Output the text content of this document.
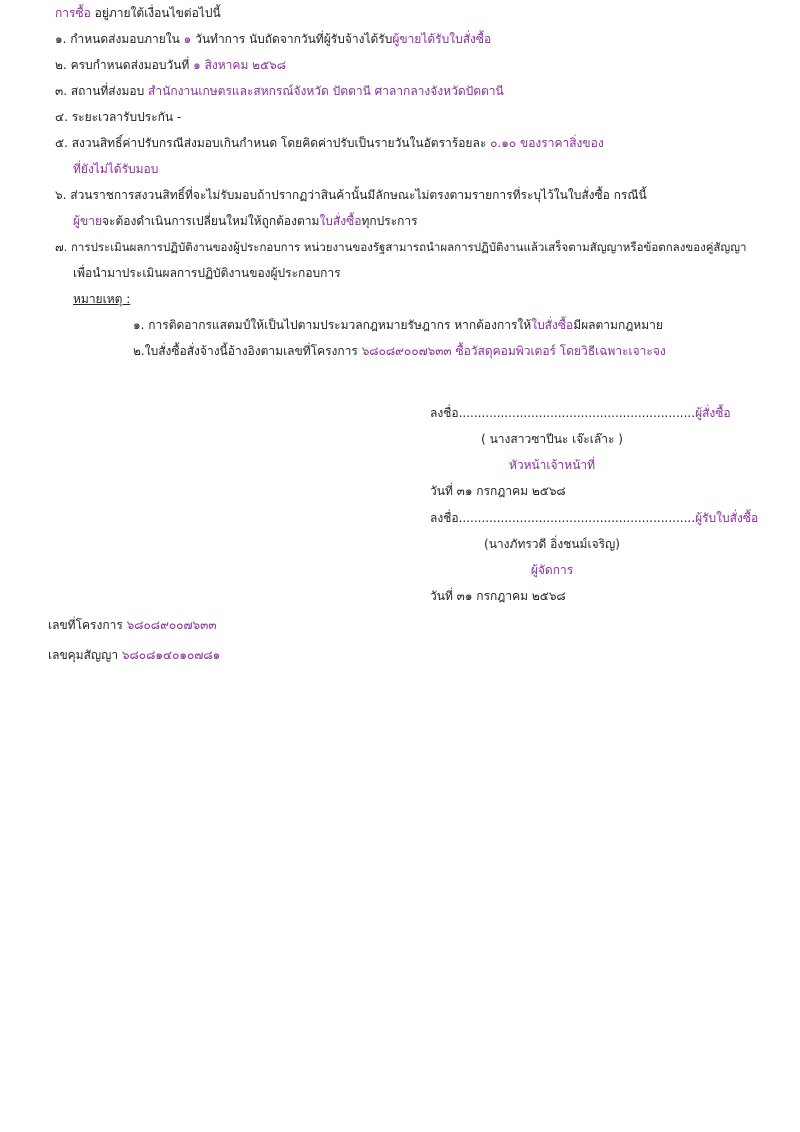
การซื้อ อยู่ภายใต้เงื่อนไขต่อไปนี้
๑. กำหนดส่งมอบภายใน ๑ วันทำการ นับถัดจากวันที่ผู้รับจ้างได้รับผู้ขายได้รับใบสั่งซื้อ
๒. ครบกำหนดส่งมอบวันที่ ๑ สิงหาคม ๒๕๖๘
๓. สถานที่ส่งมอบ สำนักงานเกษตรและสหกรณ์จังหวัด ปัตตานี ศาลากลางจังหวัดปัตตานี
๔. ระยะเวลารับประกัน -
๕. สงวนสิทธิ์ค่าปรับกรณีส่งมอบเกินกำหนด โดยคิดค่าปรับเป็นรายวันในอัตราร้อยละ ๐.๑๐ ของราคาสิ่งของ
ที่ยังไม่ได้รับมอบ
๖. ส่วนราชการสงวนสิทธิ์ที่จะไม่รับมอบถ้าปรากฏว่าสินค้านั้นมีลักษณะไม่ตรงตามรายการที่ระบุไว้ในใบสั่งซื้อ กรณีนี้
ผู้ขายจะต้องดำเนินการเปลี่ยนใหม่ให้ถูกต้องตามใบสั่งซื้อทุกประการ
๗. การประเมินผลการปฏิบัติงานของผู้ประกอบการ หน่วยงานของรัฐสามารถนำผลการปฏิบัติงานแล้วเสร็จตามสัญญาหรือข้อตกลงของคู่สัญญา
เพื่อนำมาประเมินผลการปฏิบัติงานของผู้ประกอบการ
หมายเหตุ :
๑. การติดอากรแสตมป์ให้เป็นไปตามประมวลกฎหมายรัษฎากร หากต้องการให้ใบสั่งซื้อมีผลตามกฎหมาย
๒.ใบสั่งซื้อสั่งจ้างนี้อ้างอิงตามเลขที่โครงการ ๖๘๐๘๙๐๐๗๖๓๓ ซื้อวัสดุคอมพิวเตอร์ โดยวิธีเฉพาะเจาะจง
ลงชื่อ..............................................................ผู้สั่งซื้อ
( นางสาวซาปีนะ เจ๊ะเล๊าะ )
หัวหน้าเจ้าหน้าที่
วันที่ ๓๑ กรกฎาคม ๒๕๖๘
ลงชื่อ..............................................................ผู้รับใบสั่งซื้อ
(นางภัทรวดี อิ่งชนม์เจริญ)
ผู้จัดการ
วันที่ ๓๑ กรกฎาคม ๒๕๖๘
เลขที่โครงการ ๖๘๐๘๙๐๐๗๖๓๓
เลขคุมสัญญา ๖๘๐๘๑๔๐๑๐๗๘๑
